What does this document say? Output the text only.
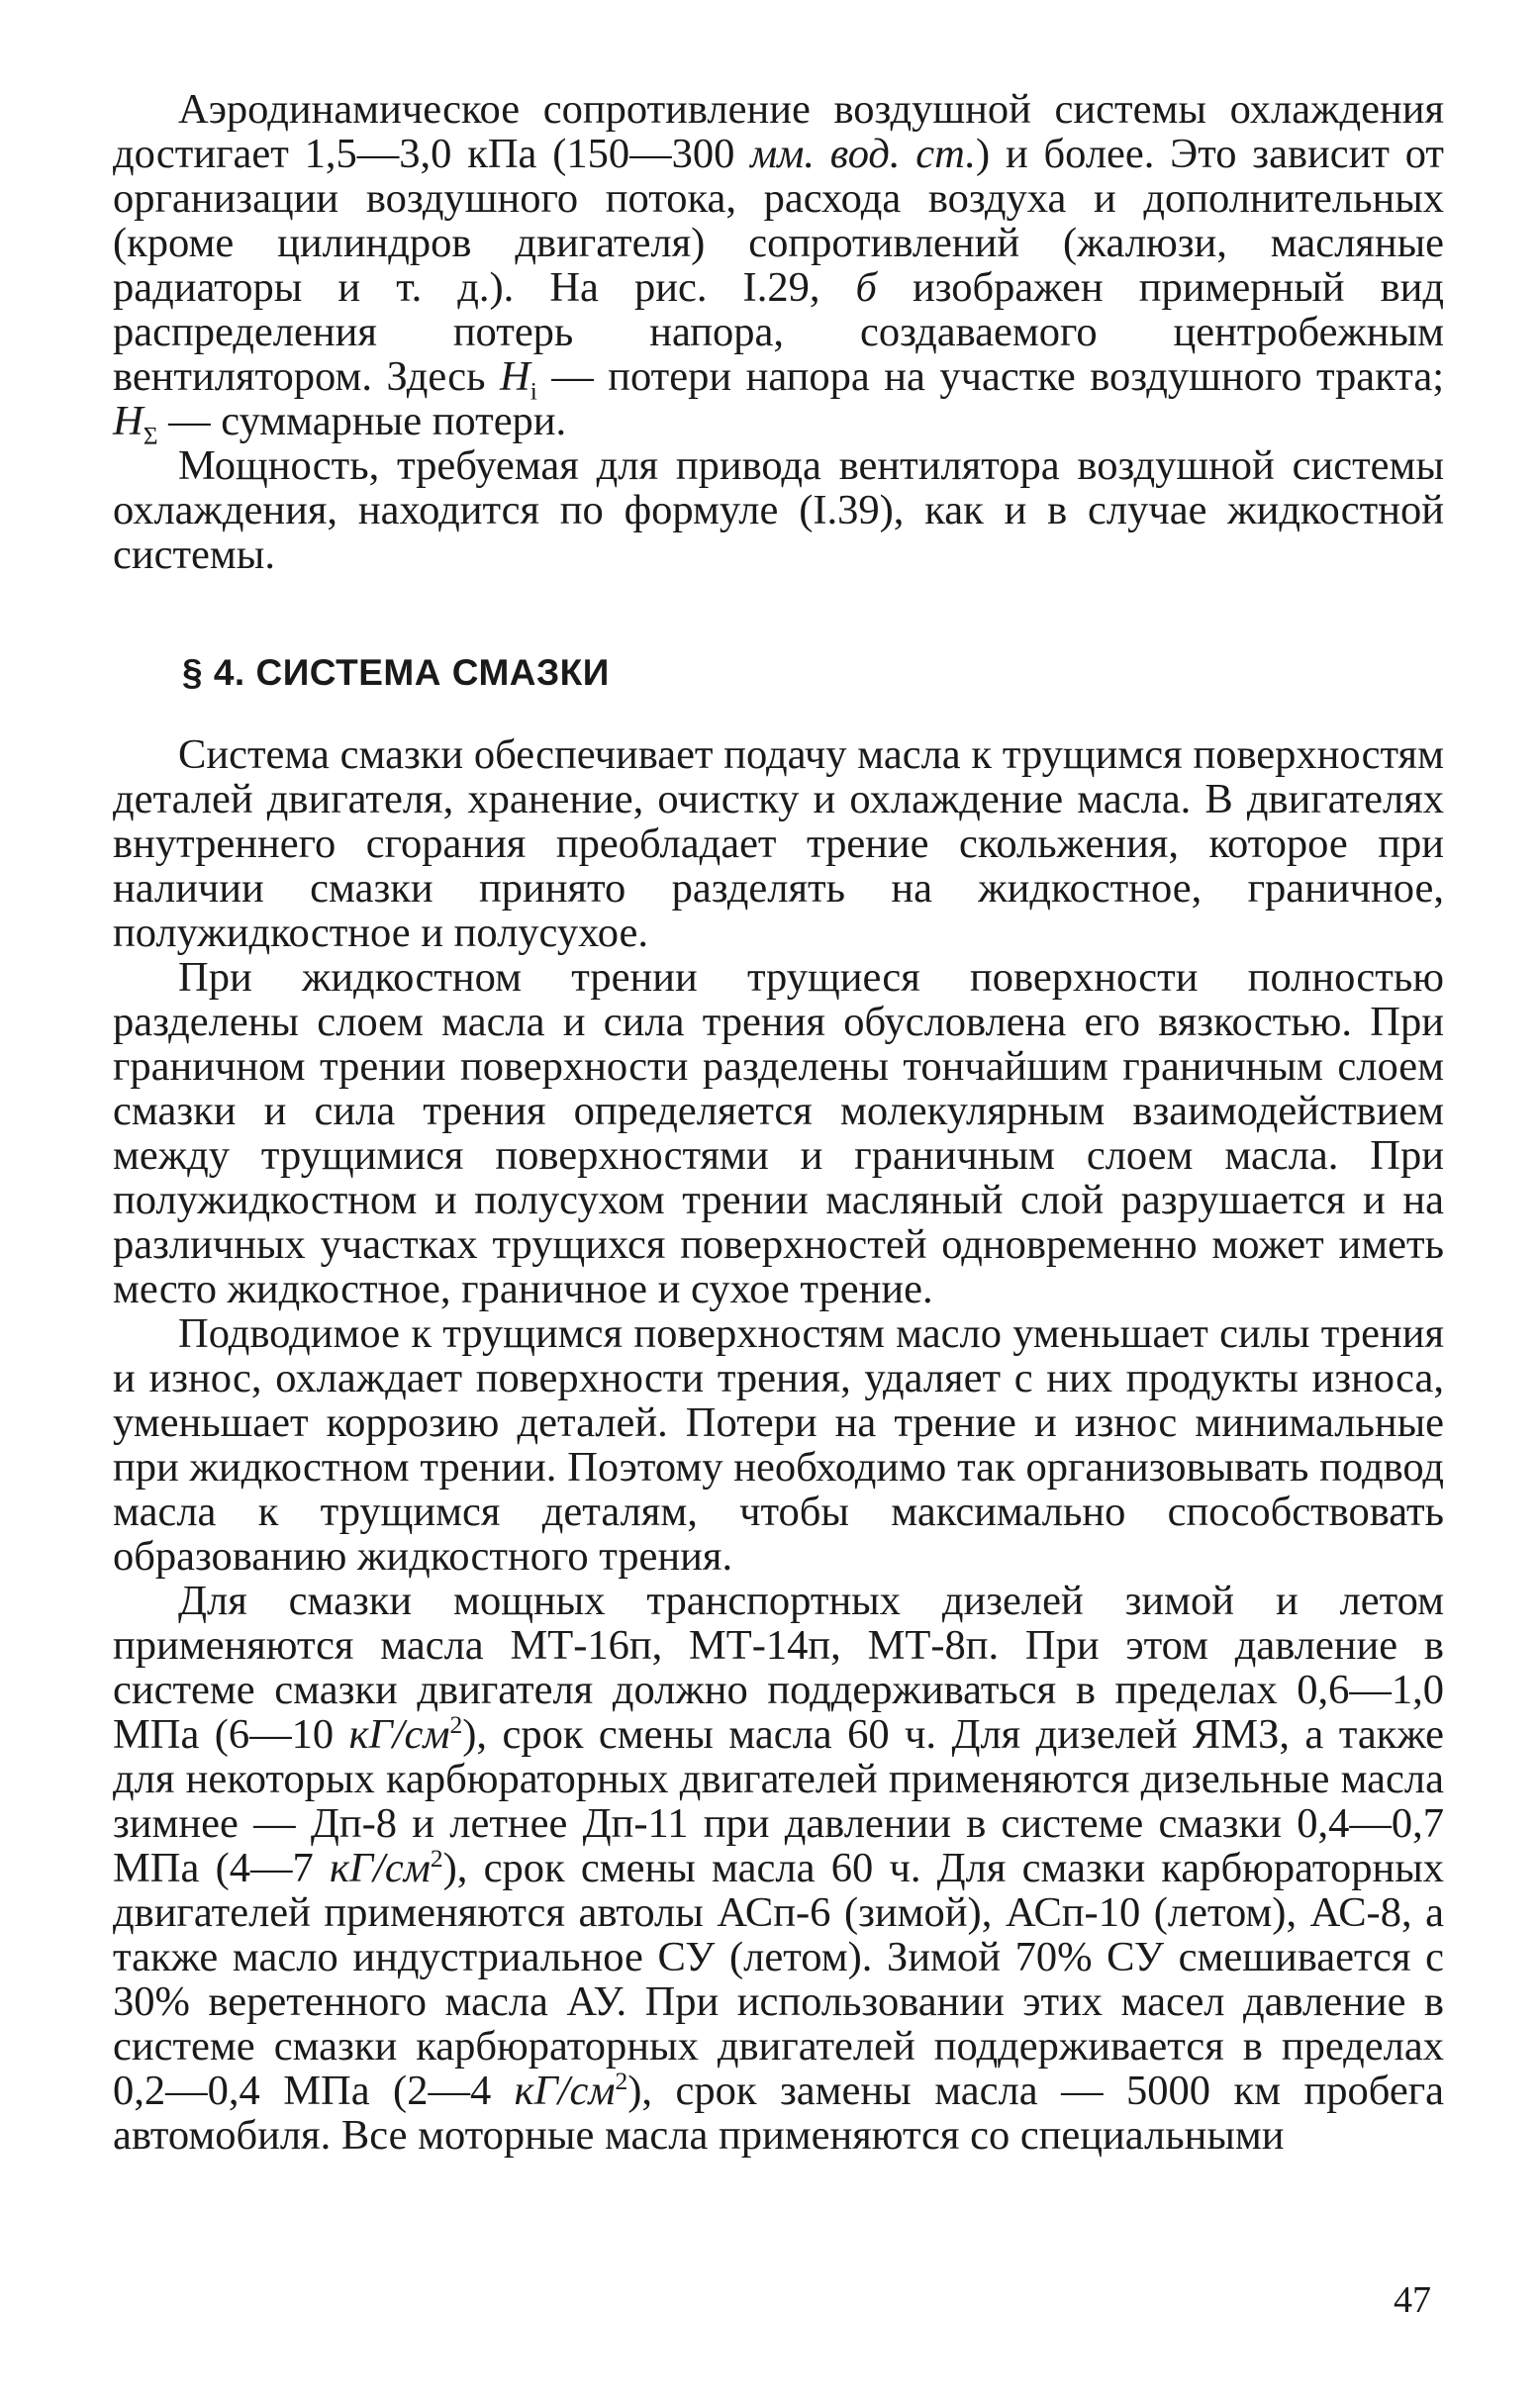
Аэродинамическое сопротивление воздушной системы охлаждения достигает 1,5—3,0 кПа (150—300 мм. вод. ст.) и более. Это зависит от организации воздушного потока, расхода воздуха и дополнительных (кроме цилиндров двигателя) сопротивлений (жалюзи, масляные радиаторы и т. д.). На рис. I.29, б изображен примерный вид распределения потерь напора, создаваемого центробежным вентилятором. Здесь $H_i$ — потери напора на участке воздушного тракта; $H_\Sigma$ — суммарные потери.

Мощность, требуемая для привода вентилятора воздушной системы охлаждения, находится по формуле (I.39), как и в случае жидкостной системы.

§ 4. СИСТЕМА СМАЗКИ

Система смазки обеспечивает подачу масла к трущимся поверхностям деталей двигателя, хранение, очистку и охлаждение масла. В двигателях внутреннего сгорания преобладает трение скольжения, которое при наличии смазки принято разделять на жидкостное, граничное, полужидкостное и полусухое.

При жидкостном трении трущиеся поверхности полностью разделены слоем масла и сила трения обусловлена его вязкостью. При граничном трении поверхности разделены тончайшим граничным слоем смазки и сила трения определяется молекулярным взаимодействием между трущимися поверхностями и граничным слоем масла. При полужидкостном и полусухом трении масляный слой разрушается и на различных участках трущихся поверхностей одновременно может иметь место жидкостное, граничное и сухое трение.

Подводимое к трущимся поверхностям масло уменьшает силы трения и износ, охлаждает поверхности трения, удаляет с них продукты износа, уменьшает коррозию деталей. Потери на трение и износ минимальные при жидкостном трении. Поэтому необходимо так организовывать подвод масла к трущимся деталям, чтобы максимально способствовать образованию жидкостного трения.

Для смазки мощных транспортных дизелей зимой и летом применяются масла МТ-16п, МТ-14п, МТ-8п. При этом давление в системе смазки двигателя должно поддерживаться в пределах 0,6—1,0 МПа (6—10 $кГ/см^2$), срок смены масла 60 ч. Для дизелей ЯМЗ, а также для некоторых карбюраторных двигателей применяются дизельные масла зимнее — Дп-8 и летнее Дп-11 при давлении в системе смазки 0,4—0,7 МПа (4—7 $кГ/см^2$), срок смены масла 60 ч. Для смазки карбюраторных двигателей применяются автолы АСп-6 (зимой), АСп-10 (летом), АС-8, а также масло индустриальное СУ (летом). Зимой 70% СУ смешивается с 30% веретенного масла АУ. При использовании этих масел давление в системе смазки карбюраторных двигателей поддерживается в пределах 0,2—0,4 МПа (2—4 $кГ/см^2$), срок замены масла — 5000 км пробега автомобиля. Все моторные масла применяются со специальными

47
